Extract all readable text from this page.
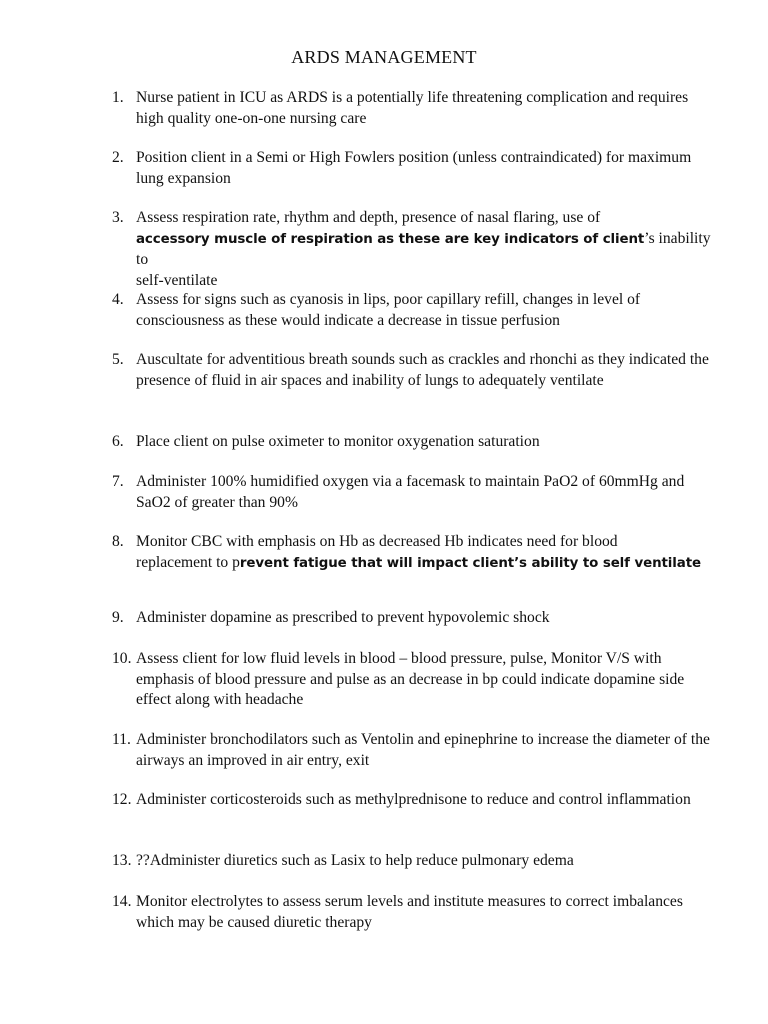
ARDS MANAGEMENT
1. Nurse patient in ICU as ARDS is a potentially life threatening complication and requires high quality one-on-one nursing care
2. Position client in a Semi or High Fowlers position (unless contraindicated) for maximum lung expansion
3. Assess respiration rate, rhythm and depth, presence of nasal flaring, use of
accessory muscle of respiration as these are key indicators of client’s inability to
self-ventilate
4. Assess for signs such as cyanosis in lips, poor capillary refill, changes in level of consciousness as these would indicate a decrease in tissue perfusion
5. Auscultate for adventitious breath sounds such as crackles and rhonchi as they indicated the presence of fluid in air spaces and inability of lungs to adequately ventilate
6. Place client on pulse oximeter to monitor oxygenation saturation
7. Administer 100% humidified oxygen via a facemask to maintain PaO2 of 60mmHg and SaO2 of greater than 90%
8. Monitor CBC with emphasis on Hb as decreased Hb indicates need for blood
replacement to prevent fatigue that will impact client’s ability to self ventilate
9. Administer dopamine as prescribed to prevent hypovolemic shock
10. Assess client for low fluid levels in blood – blood pressure, pulse, Monitor V/S with emphasis of blood pressure and pulse as an decrease in bp could indicate dopamine side effect along with headache
11. Administer bronchodilators such as Ventolin and epinephrine to increase the diameter of the airways an improved in air entry, exit
12. Administer corticosteroids such as methylprednisone to reduce and control inflammation
13. ??Administer diuretics such as Lasix to help reduce pulmonary edema
14. Monitor electrolytes to assess serum levels and institute measures to correct imbalances which may be caused diuretic therapy
